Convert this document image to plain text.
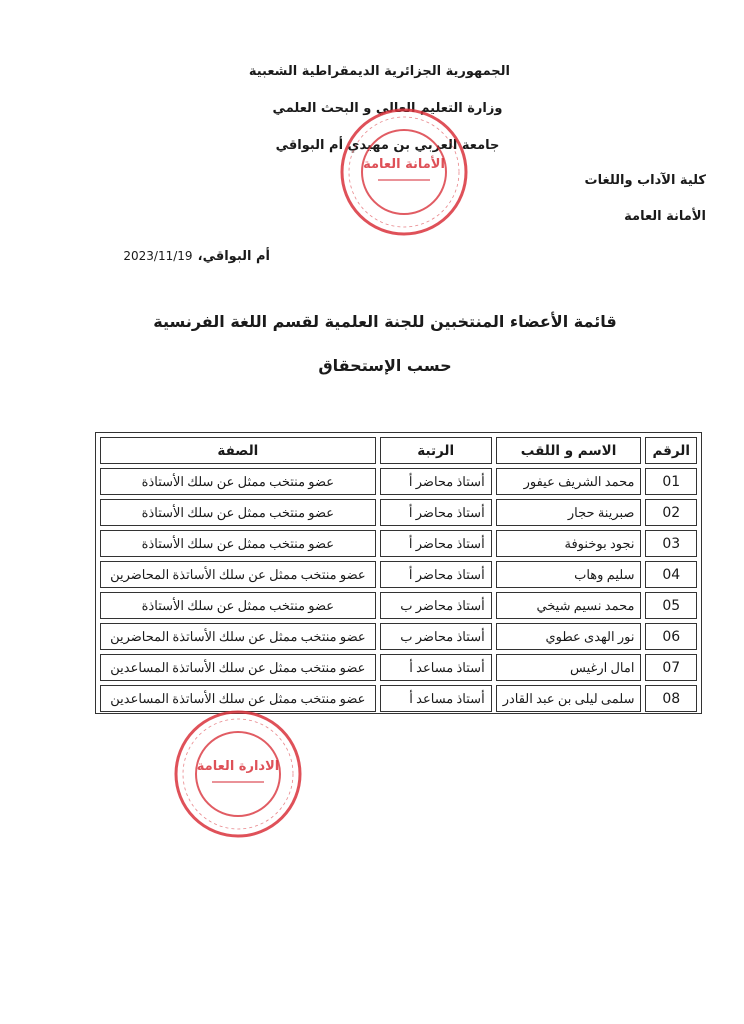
الجمهورية الجزائرية الديمقراطية الشعبية
وزارة التعليم العالي و البحث العلمي
جامعة العربي بن مهيدي أم البواقي
كلية الآداب واللغات
الأمانة العامة
أم البواقي، 2023/11/19
الأمانة العامة
قائمة الأعضاء المنتخبين للجنة العلمية لقسم اللغة الفرنسية
حسب الإستحقاق
الرقم	الاسم و اللقب	الرتبة	الصفة
01	محمد الشريف عيفور	أستاذ محاضر أ	عضو منتخب ممثل عن سلك الأستاذة
02	صبرينة حجار	أستاذ محاضر أ	عضو منتخب ممثل عن سلك الأستاذة
03	نجود بوخنوفة	أستاذ محاضر أ	عضو منتخب ممثل عن سلك الأستاذة
04	سليم وهاب	أستاذ محاضر أ	عضو منتخب ممثل عن سلك الأساتذة المحاضرين
05	محمد نسيم شيخي	أستاذ محاضر ب	عضو منتخب ممثل عن سلك الأستاذة
06	نور الهدى عطوي	أستاذ محاضر ب	عضو منتخب ممثل عن سلك الأساتذة المحاضرين
07	امال ارغيس	أستاذ مساعد أ	عضو منتخب ممثل عن سلك الأساتذة المساعدين
08	سلمى ليلى بن عبد القادر	أستاذ مساعد أ	عضو منتخب ممثل عن سلك الأساتذة المساعدين
الادارة العامة
